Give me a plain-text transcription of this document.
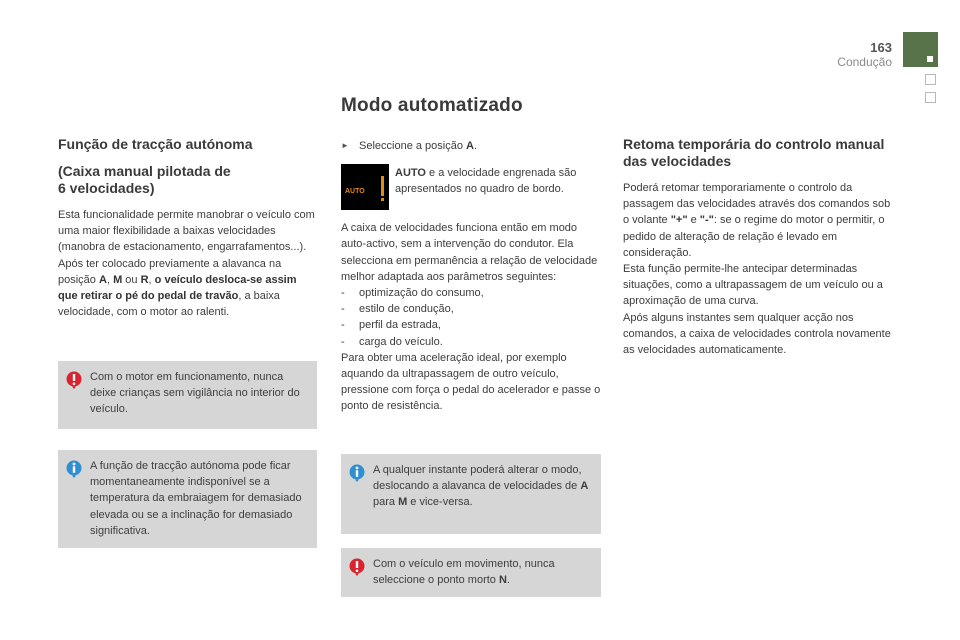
163
Condução
Modo automatizado
Função de tracção autónoma
(Caixa manual pilotada de
6 velocidades)
Esta funcionalidade permite manobrar o veículo com uma maior flexibilidade a baixas velocidades (manobra de estacionamento, engarrafamentos...).
Após ter colocado previamente a alavanca na posição A, M ou R, o veículo desloca-se assim que retirar o pé do pedal de travão, a baixa velocidade, com o motor ao ralenti.
Com o motor em funcionamento, nunca deixe crianças sem vigilância no interior do veículo.
A função de tracção autónoma pode ficar momentaneamente indisponível se a temperatura da embraiagem for demasiado elevada ou se a inclinação for demasiado significativa.
► Seleccione a posição A.
AUTO
AUTO e a velocidade engrenada são apresentados no quadro de bordo.
A caixa de velocidades funciona então em modo auto-activo, sem a intervenção do condutor. Ela selecciona em permanência a relação de velocidade melhor adaptada aos parâmetros seguintes:
-	optimização do consumo,
-	estilo de condução,
-	perfil da estrada,
-	carga do veículo.
Para obter uma aceleração ideal, por exemplo aquando da ultrapassagem de outro veículo, pressione com força o pedal do acelerador e passe o ponto de resistência.
A qualquer instante poderá alterar o modo, deslocando a alavanca de velocidades de A para M e vice-versa.
Com o veículo em movimento, nunca seleccione o ponto morto N.
Retoma temporária do controlo manual das velocidades
Poderá retomar temporariamente o controlo da passagem das velocidades através dos comandos sob o volante "+" e "-": se o regime do motor o permitir, o pedido de alteração de relação é levado em consideração.
Esta função permite-lhe antecipar determinadas situações, como a ultrapassagem de um veículo ou a aproximação de uma curva.
Após alguns instantes sem qualquer acção nos comandos, a caixa de velocidades controla novamente as velocidades automaticamente.
